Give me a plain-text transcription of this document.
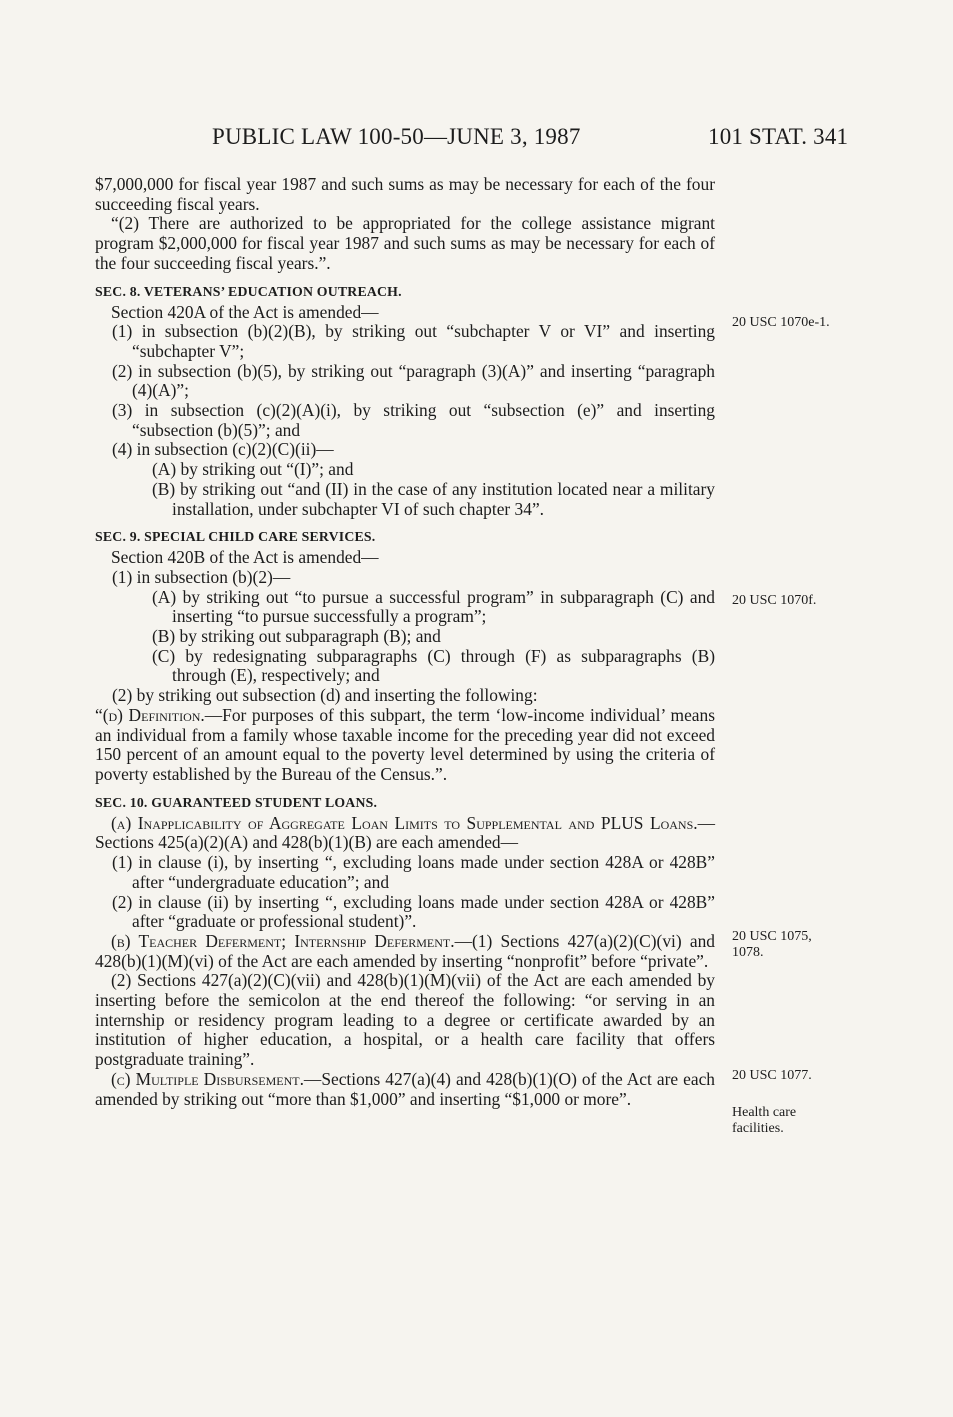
PUBLIC LAW 100-50—JUNE 3, 1987	101 STAT. 341

$7,000,000 for fiscal year 1987 and such sums as may be necessary for each of the four succeeding fiscal years.

“(2) There are authorized to be appropriated for the college assistance migrant program $2,000,000 for fiscal year 1987 and such sums as may be necessary for each of the four succeeding fiscal years.”.

SEC. 8. VETERANS’ EDUCATION OUTREACH.

Section 420A of the Act is amended—

(1) in subsection (b)(2)(B), by striking out “subchapter V or VI” and inserting “subchapter V”;

(2) in subsection (b)(5), by striking out “paragraph (3)(A)” and inserting “paragraph (4)(A)”;

(3) in subsection (c)(2)(A)(i), by striking out “subsection (e)” and inserting “subsection (b)(5)”; and

(4) in subsection (c)(2)(C)(ii)—

(A) by striking out “(I)”; and

(B) by striking out “and (II) in the case of any institution located near a military installation, under subchapter VI of such chapter 34”.

SEC. 9. SPECIAL CHILD CARE SERVICES.

Section 420B of the Act is amended—

(1) in subsection (b)(2)—

(A) by striking out “to pursue a successful program” in subparagraph (C) and inserting “to pursue successfully a program”;

(B) by striking out subparagraph (B); and

(C) by redesignating subparagraphs (C) through (F) as subparagraphs (B) through (E), respectively; and

(2) by striking out subsection (d) and inserting the following:

“(d) Definition.—For purposes of this subpart, the term ‘low-income individual’ means an individual from a family whose taxable income for the preceding year did not exceed 150 percent of an amount equal to the poverty level determined by using the criteria of poverty established by the Bureau of the Census.”.

SEC. 10. GUARANTEED STUDENT LOANS.

(a) Inapplicability of Aggregate Loan Limits to Supplemental and PLUS Loans.—Sections 425(a)(2)(A) and 428(b)(1)(B) are each amended—

(1) in clause (i), by inserting “, excluding loans made under section 428A or 428B” after “undergraduate education”; and

(2) in clause (ii) by inserting “, excluding loans made under section 428A or 428B” after “graduate or professional student)”.

(b) Teacher Deferment; Internship Deferment.—(1) Sections 427(a)(2)(C)(vi) and 428(b)(1)(M)(vi) of the Act are each amended by inserting “nonprofit” before “private”.

(2) Sections 427(a)(2)(C)(vii) and 428(b)(1)(M)(vii) of the Act are each amended by inserting before the semicolon at the end thereof the following: “or serving in an internship or residency program leading to a degree or certificate awarded by an institution of higher education, a hospital, or a health care facility that offers postgraduate training”.

(c) Multiple Disbursement.—Sections 427(a)(4) and 428(b)(1)(O) of the Act are each amended by striking out “more than $1,000” and inserting “$1,000 or more”.

20 USC 1070e-1.
20 USC 1070f.
20 USC 1075,
1078.
20 USC 1077.
Health care
facilities.
